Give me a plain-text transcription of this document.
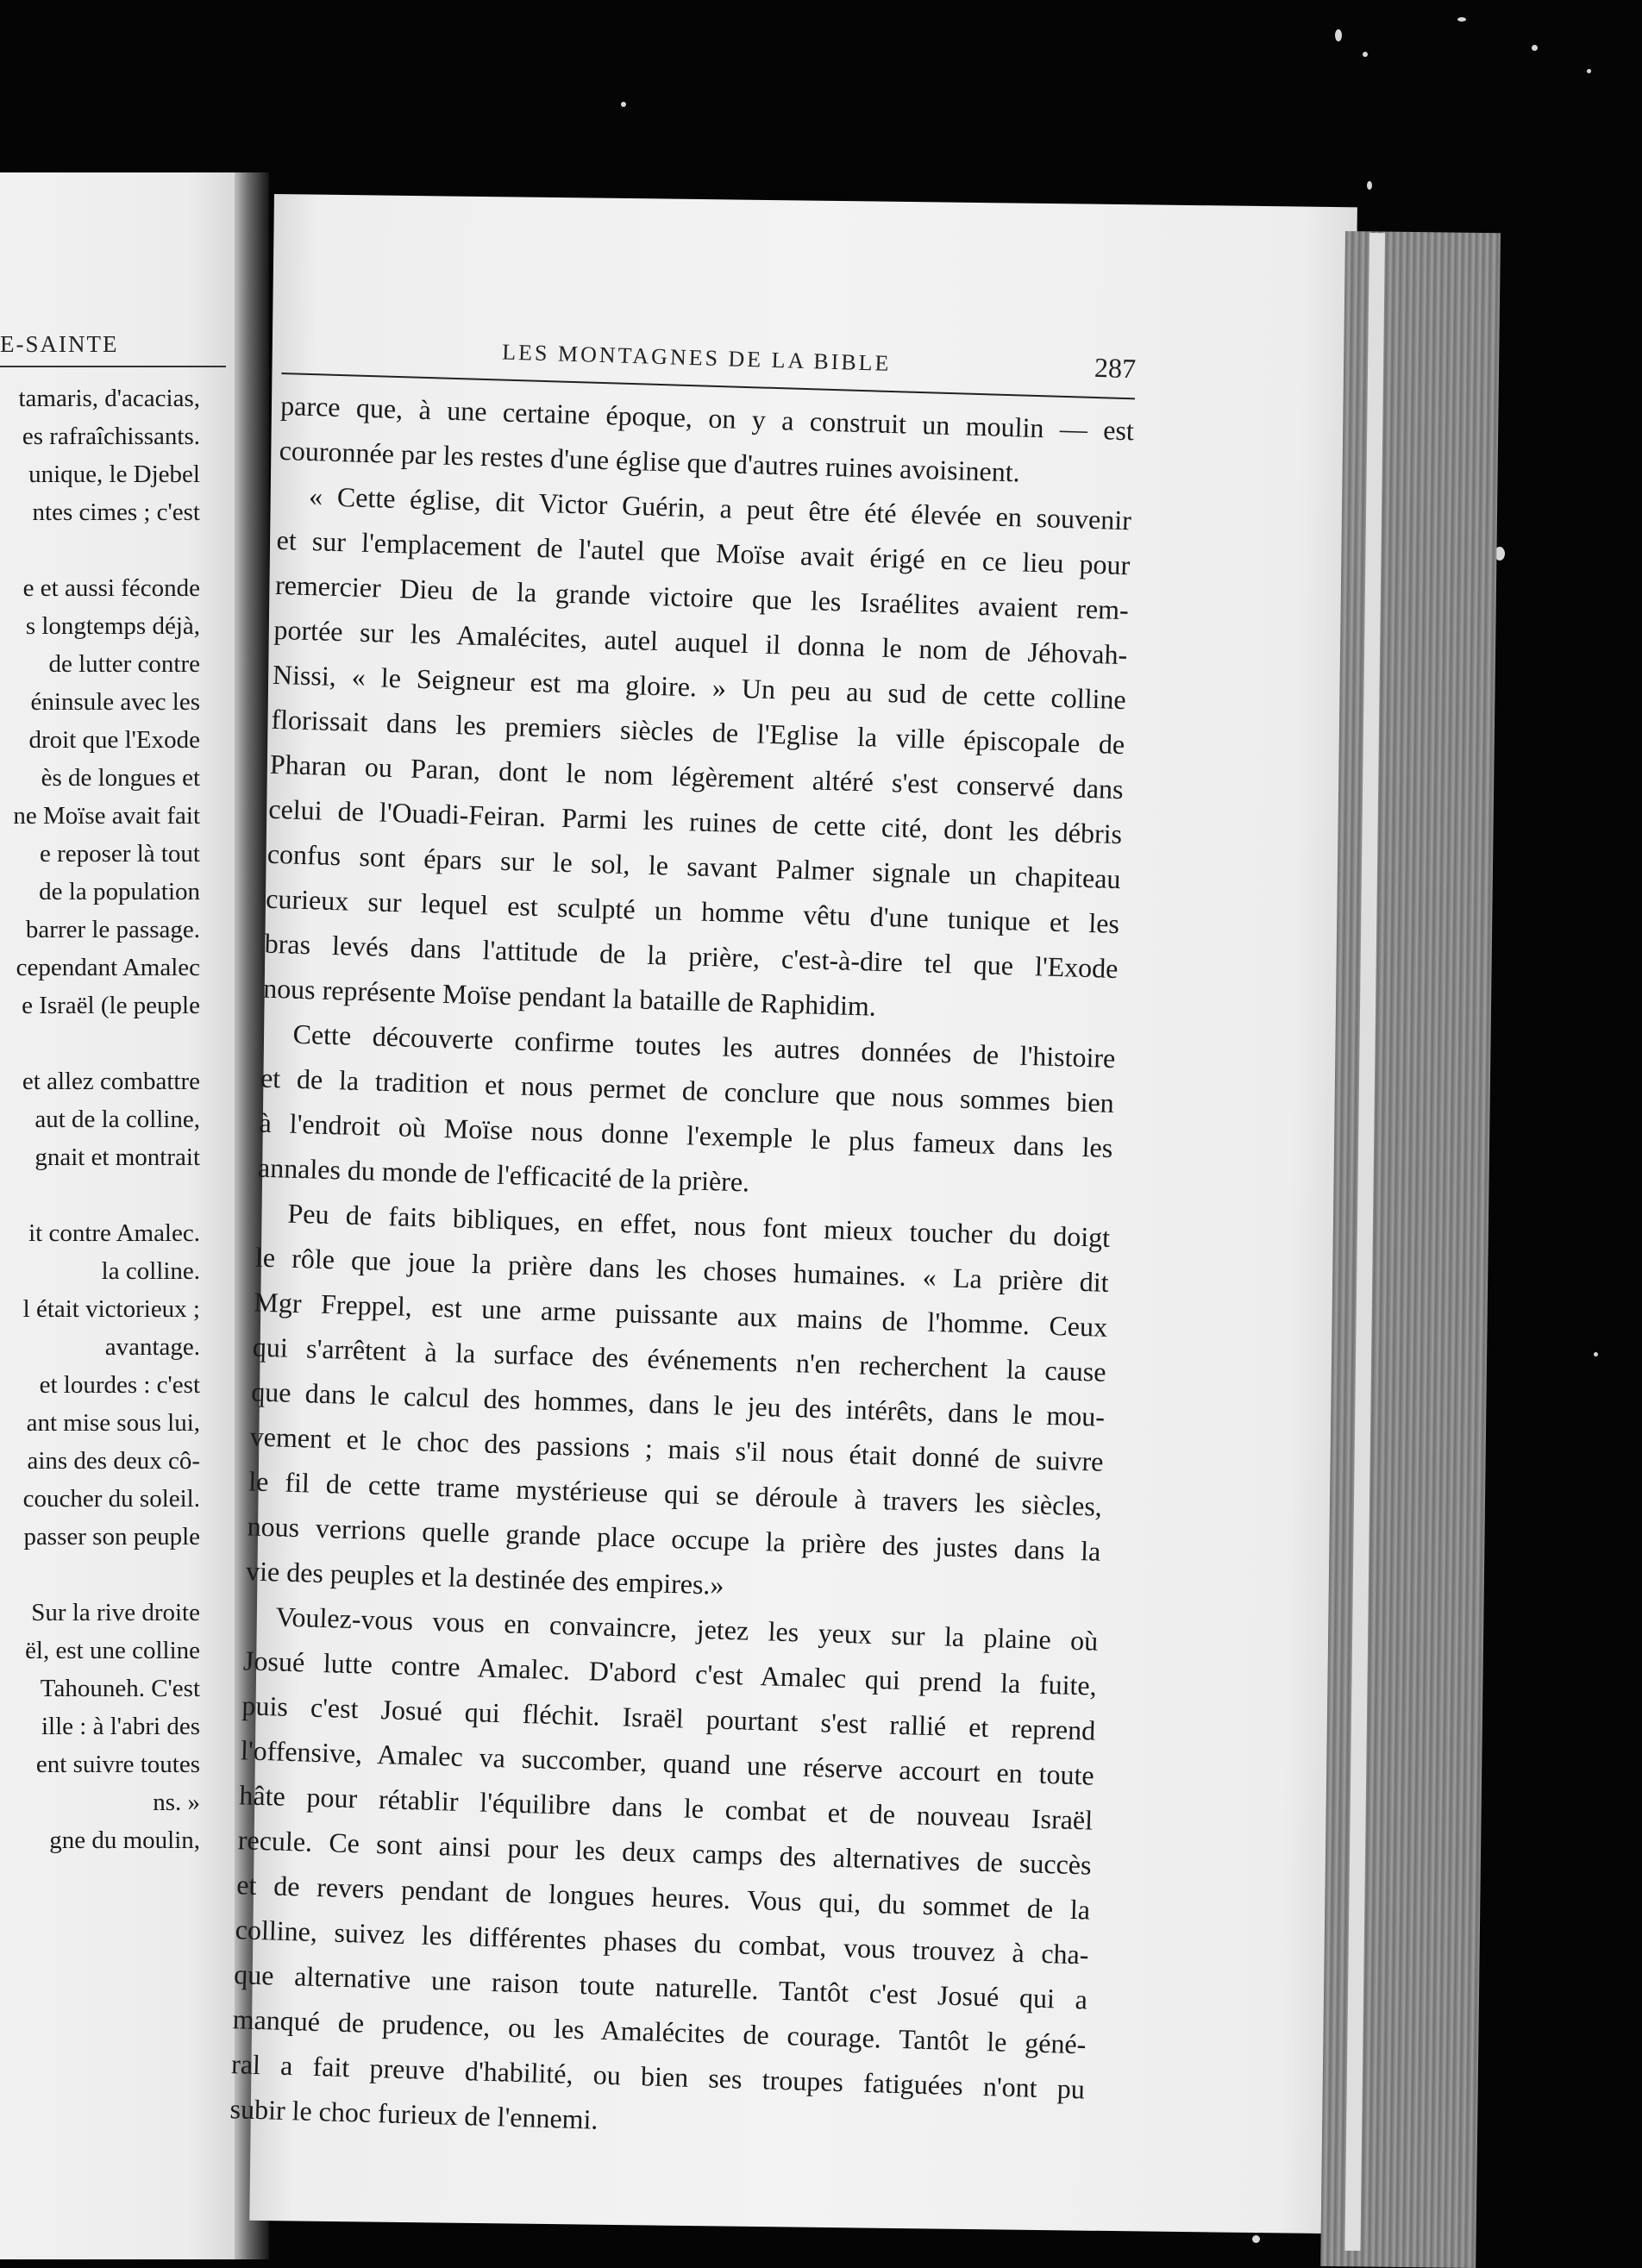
E-SAINTE
tamaris, d'acacias,
es rafraîchissants.
unique, le Djebel
ntes cimes ; c'est
e et aussi féconde
s longtemps déjà,
de lutter contre
éninsule avec les
droit que l'Exode
ès de longues et
ne Moïse avait fait
e reposer là tout
de la population
barrer le passage.
cependant Amalec
e Israël (le peuple
et allez combattre
aut de la colline,
gnait et montrait
it contre Amalec.
la colline.
l était victorieux ;
avantage.
et lourdes : c'est
ant mise sous lui,
ains des deux cô-
coucher du soleil.
passer son peuple
Sur la rive droite
ël, est une colline
Tahouneh. C'est
ille : à l'abri des
ent suivre toutes
ns. »
gne du moulin,
LES MONTAGNES DE LA BIBLE	287
parce que, à une certaine époque, on y a construit un moulin — est
couronnée par les restes d'une église que d'autres ruines avoisinent.
« Cette église, dit Victor Guérin, a peut être été élevée en souvenir
et sur l'emplacement de l'autel que Moïse avait érigé en ce lieu pour
remercier Dieu de la grande victoire que les Israélites avaient rem-
portée sur les Amalécites, autel auquel il donna le nom de Jéhovah-
Nissi, « le Seigneur est ma gloire. » Un peu au sud de cette colline
florissait dans les premiers siècles de l'Eglise la ville épiscopale de
Pharan ou Paran, dont le nom légèrement altéré s'est conservé dans
celui de l'Ouadi-Feiran. Parmi les ruines de cette cité, dont les débris
confus sont épars sur le sol, le savant Palmer signale un chapiteau
curieux sur lequel est sculpté un homme vêtu d'une tunique et les
bras levés dans l'attitude de la prière, c'est-à-dire tel que l'Exode
nous représente Moïse pendant la bataille de Raphidim.
Cette découverte confirme toutes les autres données de l'histoire
et de la tradition et nous permet de conclure que nous sommes bien
à l'endroit où Moïse nous donne l'exemple le plus fameux dans les
annales du monde de l'efficacité de la prière.
Peu de faits bibliques, en effet, nous font mieux toucher du doigt
le rôle que joue la prière dans les choses humaines. « La prière dit
Mgr Freppel, est une arme puissante aux mains de l'homme. Ceux
qui s'arrêtent à la surface des événements n'en recherchent la cause
que dans le calcul des hommes, dans le jeu des intérêts, dans le mou-
vement et le choc des passions ; mais s'il nous était donné de suivre
le fil de cette trame mystérieuse qui se déroule à travers les siècles,
nous verrions quelle grande place occupe la prière des justes dans la
vie des peuples et la destinée des empires.»
Voulez-vous vous en convaincre, jetez les yeux sur la plaine où
Josué lutte contre Amalec. D'abord c'est Amalec qui prend la fuite,
puis c'est Josué qui fléchit. Israël pourtant s'est rallié et reprend
l'offensive, Amalec va succomber, quand une réserve accourt en toute
hâte pour rétablir l'équilibre dans le combat et de nouveau Israël
recule. Ce sont ainsi pour les deux camps des alternatives de succès
et de revers pendant de longues heures. Vous qui, du sommet de la
colline, suivez les différentes phases du combat, vous trouvez à cha-
que alternative une raison toute naturelle. Tantôt c'est Josué qui a
manqué de prudence, ou les Amalécites de courage. Tantôt le géné-
ral a fait preuve d'habilité, ou bien ses troupes fatiguées n'ont pu
subir le choc furieux de l'ennemi.
